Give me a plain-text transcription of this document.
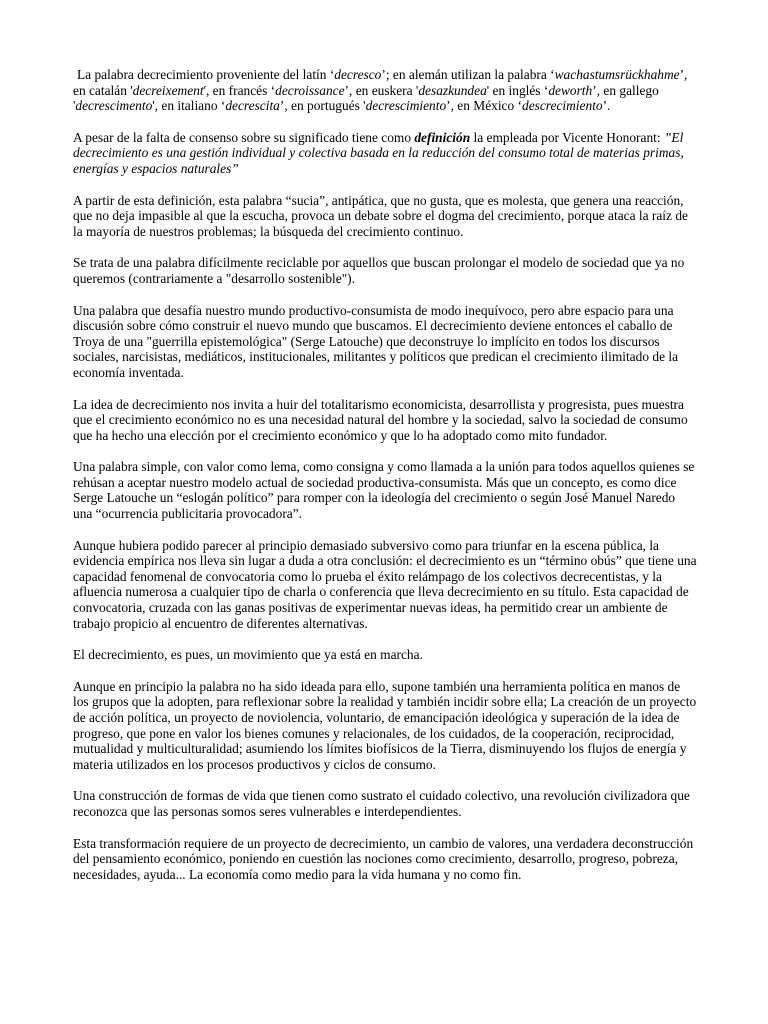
La palabra decrecimiento proveniente del latín ‘decresco’; en alemán utilizan la palabra ‘wachastumsrückhahme’, en catalán 'decreixement', en francés ‘decroissance’, en euskera 'desazkundea' en inglés ‘deworth’, en gallego 'decrescimento', en italiano ‘decrescita’, en portugués 'decrescimiento’, en México ‘descrecimiento’.

A pesar de la falta de consenso sobre su significado tiene como definición la empleada por Vicente Honorant: ”El decrecimiento es una gestión individual y colectiva basada en la reducción del consumo total de materias primas, energías y espacios naturales”

A partir de esta definición, esta palabra “sucia”, antipática, que no gusta, que es molesta, que genera una reacción, que no deja impasible al que la escucha, provoca un debate sobre el dogma del crecimiento, porque ataca la raíz de la mayoría de nuestros problemas; la búsqueda del crecimiento continuo.

Se trata de una palabra difícilmente reciclable por aquellos que buscan prolongar el modelo de sociedad que ya no queremos (contrariamente a "desarrollo sostenible").

Una palabra que desafía nuestro mundo productivo-consumista de modo inequívoco, pero abre espacio para una discusión sobre cómo construir el nuevo mundo que buscamos. El decrecimiento deviene entonces el caballo de Troya de una "guerrilla epistemológica" (Serge Latouche) que deconstruye lo implícito en todos los discursos sociales, narcisistas, mediáticos, institucionales, militantes y políticos que predican el crecimiento ilimitado de la economía inventada.

La idea de decrecimiento nos invita a huir del totalitarismo economicista, desarrollista y progresista, pues muestra que el crecimiento económico no es una necesidad natural del hombre y la sociedad, salvo la sociedad de consumo que ha hecho una elección por el crecimiento económico y que lo ha adoptado como mito fundador.

Una palabra simple, con valor como lema, como consigna y como llamada a la unión para todos aquellos quienes se rehúsan a aceptar nuestro modelo actual de sociedad productiva-consumista. Más que un concepto, es como dice Serge Latouche un “eslogán político” para romper con la ideología del crecimiento o según José Manuel Naredo una “ocurrencia publicitaria provocadora”.

Aunque hubiera podido parecer al principio demasiado subversivo como para triunfar en la escena pública, la evidencia empírica nos lleva sin lugar a duda a otra conclusión: el decrecimiento es un “término obús” que tiene una capacidad fenomenal de convocatoria como lo prueba el éxito relámpago de los colectivos decrecentistas, y la afluencia numerosa a cualquier tipo de charla o conferencia que lleva decrecimiento en su título. Esta capacidad de convocatoria, cruzada con las ganas positivas de experimentar nuevas ideas, ha permitido crear un ambiente de trabajo propicio al encuentro de diferentes alternativas.

El decrecimiento, es pues, un movimiento que ya está en marcha.

Aunque en principio la palabra no ha sido ideada para ello, supone también una herramienta política en manos de los grupos que la adopten, para reflexionar sobre la realidad y también incidir sobre ella; La creación de un proyecto de acción política, un proyecto de noviolencia, voluntario, de emancipación ideológica y superación de la idea de progreso, que pone en valor los bienes comunes y relacionales, de los cuidados, de la cooperación, reciprocidad, mutualidad y multiculturalidad; asumiendo los límites biofísicos de la Tierra, disminuyendo los flujos de energía y materia utilizados en los procesos productivos y ciclos de consumo.

Una construcción de formas de vida que tienen como sustrato el cuidado colectivo, una revolución civilizadora que reconozca que las personas somos seres vulnerables e interdependientes.

Esta transformación requiere de un proyecto de decrecimiento, un cambio de valores, una verdadera deconstrucción del pensamiento económico, poniendo en cuestión las nociones como crecimiento, desarrollo, progreso, pobreza, necesidades, ayuda... La economía como medio para la vida humana y no como fin.
